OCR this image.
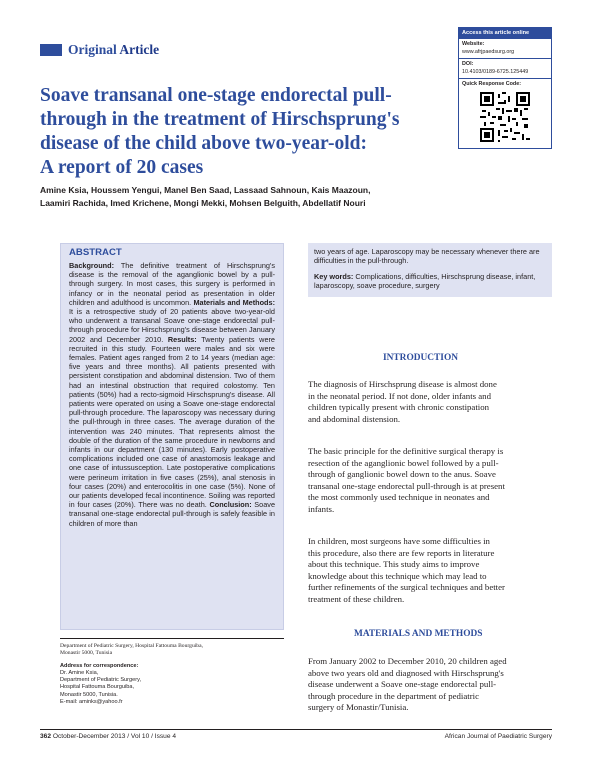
Original Article
Access this article online
Website:
www.afrjpaedsurg.org
DOI:
10.4103/0189-6725.125449
Quick Response Code:
Soave transanal one-stage endorectal pull-
through in the treatment of Hirschsprung's
disease of the child above two-year-old:
A report of 20 cases
Amine Ksia, Houssem Yengui, Manel Ben Saad, Lassaad Sahnoun, Kais Maazoun,
Laamiri Rachida, Imed Krichene, Mongi Mekki, Mohsen Belguith, Abdellatif Nouri
ABSTRACT

Background: The definitive treatment of Hirschsprung's disease is the removal of the aganglionic bowel by a pull-through surgery. In most cases, this surgery is performed in infancy or in the neonatal period as presentation in older children and adulthood is uncommon. Materials and Methods: It is a retrospective study of 20 patients above two-year-old who underwent a transanal Soave one-stage endorectal pull-through procedure for Hirschsprung's disease between January 2002 and December 2010. Results: Twenty patients were recruited in this study. Fourteen were males and six were females. Patient ages ranged from 2 to 14 years (median age: five years and three months). All patients presented with persistent constipation and abdominal distension. Two of them had an intestinal obstruction that required colostomy. Ten patients (50%) had a recto-sigmoid Hirschsprung's disease. All patients were operated on using a Soave one-stage endorectal pull-through procedure. The laparoscopy was necessary during the pull-through in three cases. The average duration of the intervention was 240 minutes. That represents almost the double of the duration of the same procedure in newborns and infants in our department (130 minutes). Early postoperative complications included one case of anastomosis leakage and one case of intussusception. Late postoperative complications were perineum irritation in five cases (25%), anal stenosis in four cases (20%) and enterocolitis in one case (5%). None of our patients developed fecal incontinence. Soiling was reported in four cases (20%). There was no death. Conclusion: Soave transanal one-stage endorectal pull-through is safely feasible in children of more than

two years of age. Laparoscopy may be necessary whenever there are difficulties in the pull-through.

Key words: Complications, difficulties, Hirschsprung disease, infant, laparoscopy, soave procedure, surgery

INTRODUCTION
The diagnosis of Hirschsprung disease is almost done
in the neonatal period. If not done, older infants and
children typically present with chronic constipation
and abdominal distension.
The basic principle for the definitive surgical therapy is
resection of the aganglionic bowel followed by a pull-
through of ganglionic bowel down to the anus. Soave
transanal one-stage endorectal pull-through is at present
the most commonly used technique in neonates and
infants.
In children, most surgeons have some difficulties in
this procedure, also there are few reports in literature
about this technique. This study aims to improve
knowledge about this technique which may lead to
further refinements of the surgical techniques and better
treatment of these children.
MATERIALS AND METHODS
From January 2002 to December 2010, 20 children aged
above two years old and diagnosed with Hirschsprung's
disease underwent a Soave one-stage endorectal pull-
through procedure in the department of pediatric
surgery of Monastir/Tunisia.
Department of Pediatric Surgery, Hospital Fattouma Bourguiba,
Monastir 5000, Tunisia
Address for correspondence:
Dr. Amine Ksia,
Department of Pediatric Surgery,
Hospital Fattouma Bourguiba,
Monastir 5000, Tunisia.
E-mail: aminks@yahoo.fr
362 October-December 2013 / Vol 10 / Issue 4	African Journal of Paediatric Surgery
